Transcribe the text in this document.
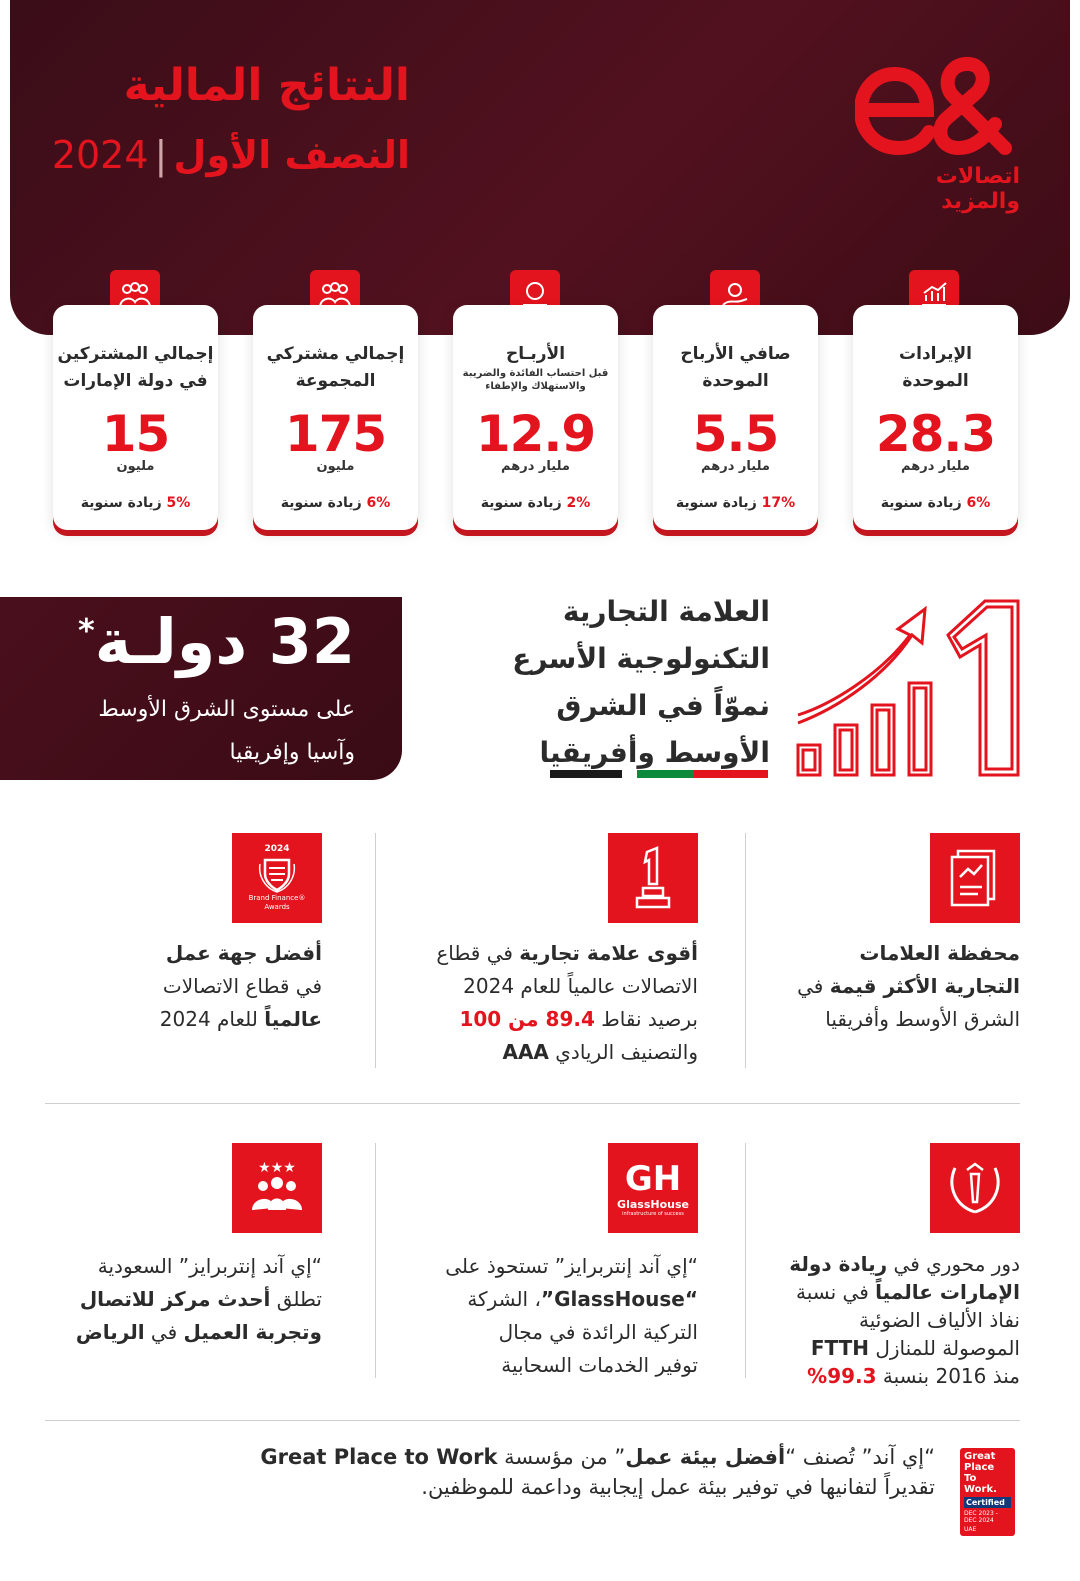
اتصالات والمزيد
النتائج المالية
النصف الأول|2024
الإيرادات
الموحدة
28.3
مليار درهم
6% زيادة سنوية
صافي الأرباح
الموحدة
5.5
مليار درهم
17% زيادة سنوية
الأربـاح
قبل احتساب الفائدة والضريبة والاستهلاك والإطفاء
12.9
مليار درهم
2% زيادة سنوية
إجمالي مشتركي
المجموعة
175
مليون
6% زيادة سنوية
إجمالي المشتركين
في دولة الإمارات
15
مليون
5% زيادة سنوية
32 دولـة*
على مستوى الشرق الأوسط
وآسيا وإفريقيا
العلامة التجارية
التكنولوجية الأسرع
نموّاً في الشرق
الأوسط وأفريقيا
محفظة العلامات
التجارية الأكثر قيمة في
الشرق الأوسط وأفريقيا
أقوى علامة تجارية في قطاع
الاتصالات عالمياً للعام 2024
برصيد نقاط 89.4 من 100
والتصنيف الريادي AAA
2024
Brand Finance® Awards
أفضل جهة عمل
في قطاع الاتصالات
عالمياً للعام 2024
دور محوري في ريادة دولة
الإمارات عالمياً في نسبة
نفاذ الألياف الضوئية
الموصولة للمنازل FTTH
منذ 2016 بنسبة 99.3%
GH
GlassHouse
infrastructure of success
“إي آند إنتربرايز” تستحوذ على
“GlassHouse”، الشركة
التركية الرائدة في مجال
توفير الخدمات السحابية
★★★
“إي آند إنتربرايز” السعودية
تطلق أحدث مركز للاتصال
وتجربة العميل في الرياض
Great
Place
To
Work.
Certified
DEC 2023 - DEC 2024
UAE
“إي آند” تُصنف “أفضل بيئة عمل” من مؤسسة Great Place to Work
تقديراً لتفانيها في توفير بيئة عمل إيجابية وداعمة للموظفين.
